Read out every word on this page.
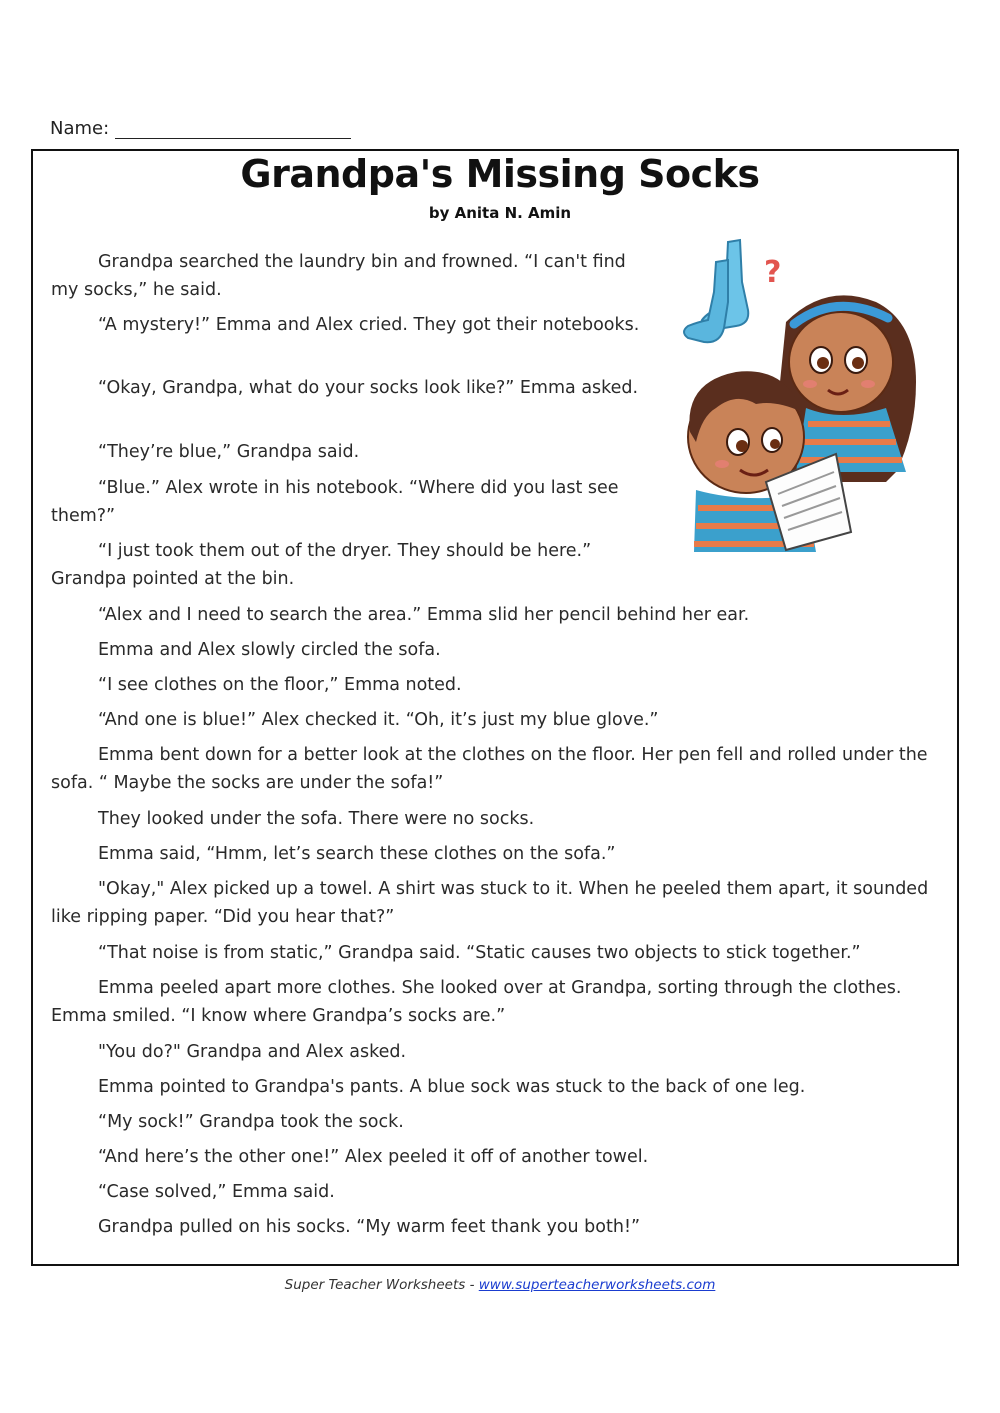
Name:
Grandpa's Missing Socks
by Anita N. Amin
?

Grandpa searched the laundry bin and frowned. “I can't find my socks,” he said.

“A mystery!” Emma and Alex cried. They got their notebooks.

“Okay, Grandpa, what do your socks look like?” Emma asked.

“They’re blue,” Grandpa said.

“Blue.” Alex wrote in his notebook. “Where did you last see them?”

“I just took them out of the dryer. They should be here.” Grandpa pointed at the bin.

“Alex and I need to search the area.” Emma slid her pencil behind her ear.

Emma and Alex slowly circled the sofa.

“I see clothes on the floor,” Emma noted.

“And one is blue!” Alex checked it. “Oh, it’s just my blue glove.”

Emma bent down for a better look at the clothes on the floor. Her pen fell and rolled under the sofa. “ Maybe the socks are under the sofa!”

They looked under the sofa. There were no socks.

Emma said, “Hmm, let’s search these clothes on the sofa.”

"Okay," Alex picked up a towel. A shirt was stuck to it. When he peeled them apart, it sounded like ripping paper. “Did you hear that?”

“That noise is from static,” Grandpa said. “Static causes two objects to stick together.”

Emma peeled apart more clothes. She looked over at Grandpa, sorting through the clothes. Emma smiled. “I know where Grandpa’s socks are.”

"You do?" Grandpa and Alex asked.

Emma pointed to Grandpa's pants. A blue sock was stuck to the back of one leg.

“My sock!” Grandpa took the sock.

“And here’s the other one!” Alex peeled it off of another towel.

“Case solved,” Emma said.

Grandpa pulled on his socks. “My warm feet thank you both!”

Super Teacher Worksheets - www.superteacherworksheets.com
